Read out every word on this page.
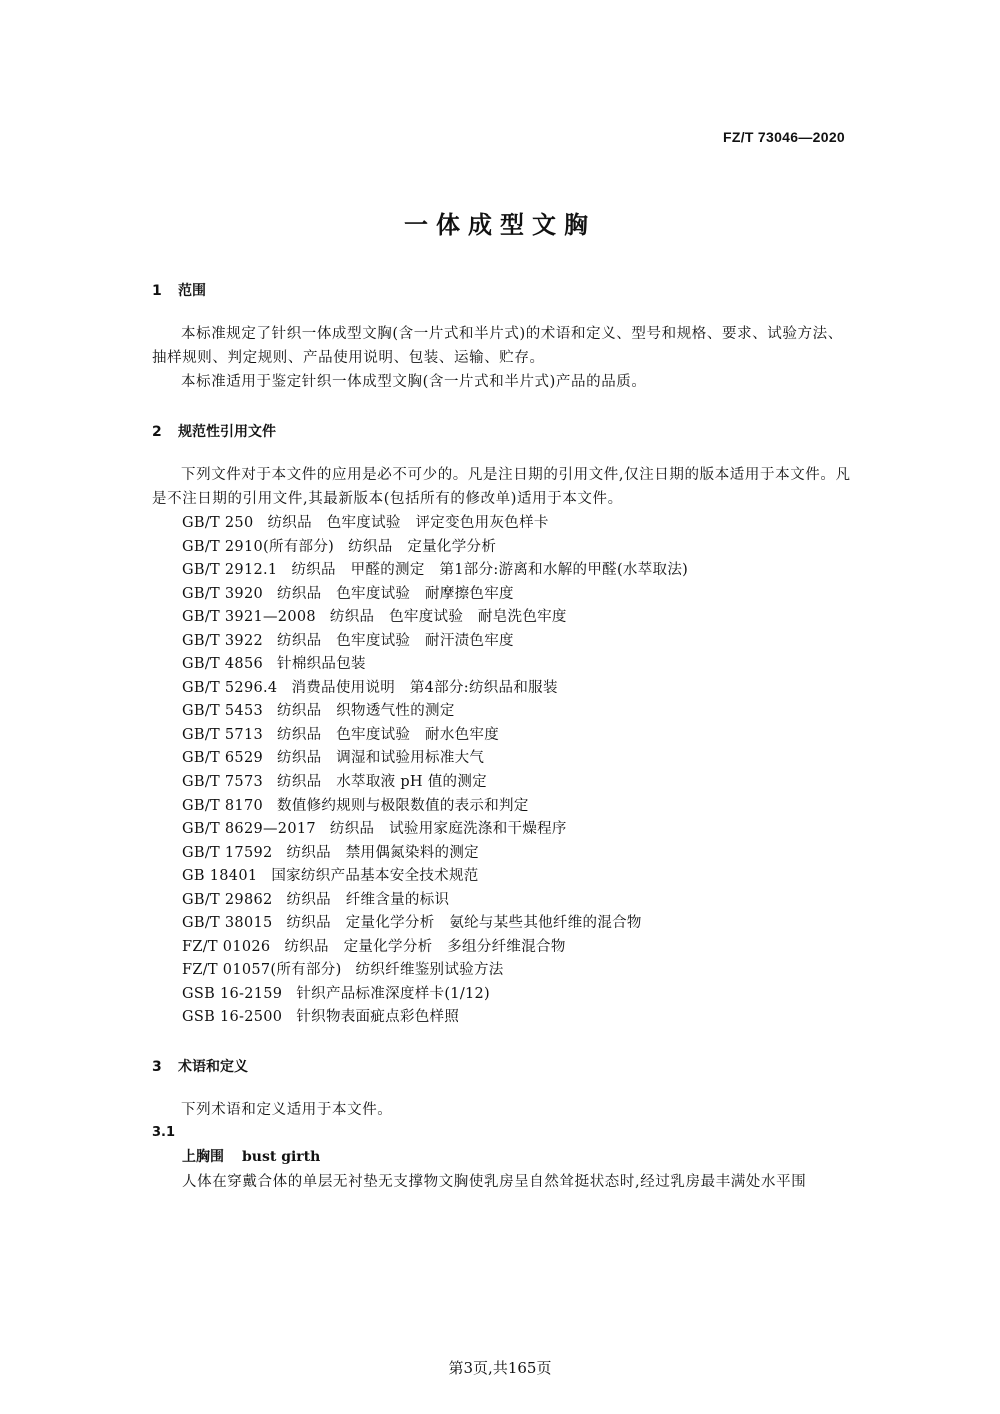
FZ/T 73046—2020
一体成型文胸
1 范围
本标准规定了针织一体成型文胸(含一片式和半片式)的术语和定义、型号和规格、要求、试验方法、抽样规则、判定规则、产品使用说明、包装、运输、贮存。
本标准适用于鉴定针织一体成型文胸(含一片式和半片式)产品的品质。
2 规范性引用文件
下列文件对于本文件的应用是必不可少的。凡是注日期的引用文件,仅注日期的版本适用于本文件。凡是不注日期的引用文件,其最新版本(包括所有的修改单)适用于本文件。
GB/T 250 纺织品　色牢度试验　评定变色用灰色样卡
GB/T 2910(所有部分) 纺织品　定量化学分析
GB/T 2912.1 纺织品　甲醛的测定　第1部分:游离和水解的甲醛(水萃取法)
GB/T 3920 纺织品　色牢度试验　耐摩擦色牢度
GB/T 3921—2008 纺织品　色牢度试验　耐皂洗色牢度
GB/T 3922 纺织品　色牢度试验　耐汗渍色牢度
GB/T 4856 针棉织品包装
GB/T 5296.4 消费品使用说明　第4部分:纺织品和服装
GB/T 5453 纺织品　织物透气性的测定
GB/T 5713 纺织品　色牢度试验　耐水色牢度
GB/T 6529 纺织品　调湿和试验用标准大气
GB/T 7573 纺织品　水萃取液 pH 值的测定
GB/T 8170 数值修约规则与极限数值的表示和判定
GB/T 8629—2017 纺织品　试验用家庭洗涤和干燥程序
GB/T 17592 纺织品　禁用偶氮染料的测定
GB 18401 国家纺织产品基本安全技术规范
GB/T 29862 纺织品　纤维含量的标识
GB/T 38015 纺织品　定量化学分析　氨纶与某些其他纤维的混合物
FZ/T 01026 纺织品　定量化学分析　多组分纤维混合物
FZ/T 01057(所有部分) 纺织纤维鉴别试验方法
GSB 16-2159 针织产品标准深度样卡(1/12)
GSB 16-2500 针织物表面疵点彩色样照
3 术语和定义
下列术语和定义适用于本文件。
3.1
上胸围 bust girth
人体在穿戴合体的单层无衬垫无支撑物文胸使乳房呈自然耸挺状态时,经过乳房最丰满处水平围
第3页,共165页
